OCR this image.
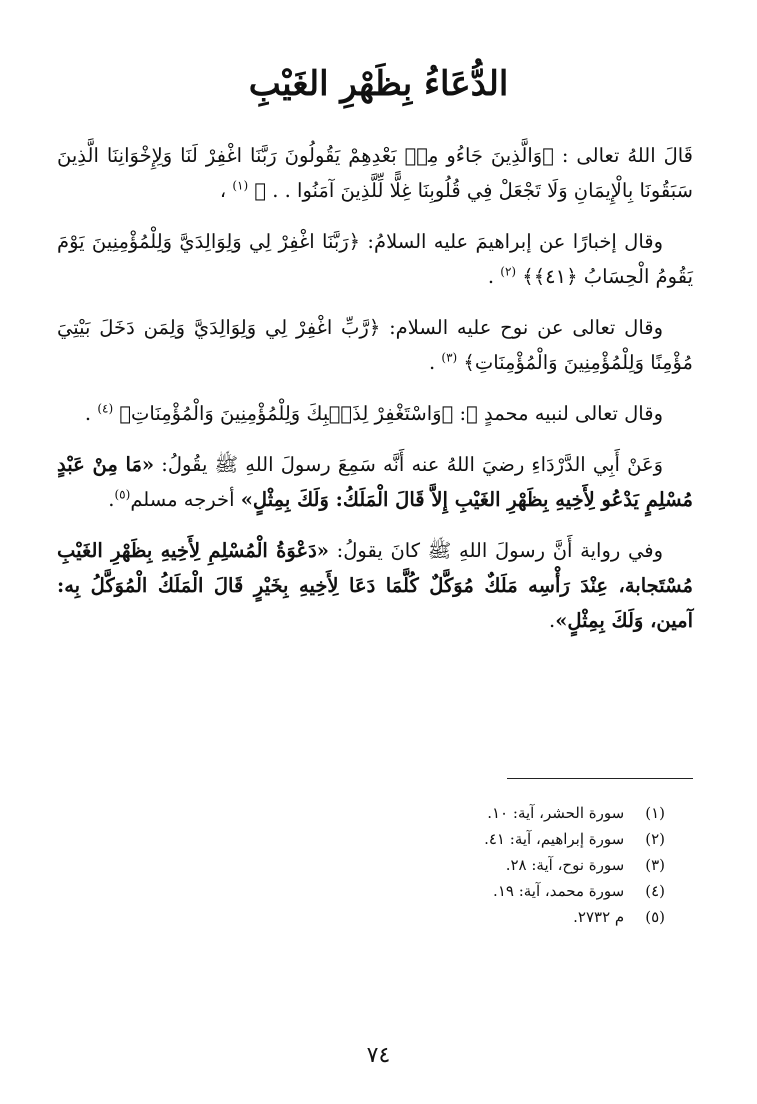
الدُّعَاءُ بِظَهْرِ الغَيْبِ

قَالَ اللهُ تعالى : ﴿وَالَّذِينَ جَاءُو مِنۢ بَعْدِهِمْ يَقُولُونَ رَبَّنَا اغْفِرْ لَنَا وَلِإِخْوَانِنَا الَّذِينَ سَبَقُونَا بِالْإِيمَانِ وَلَا تَجْعَلْ فِي قُلُوبِنَا غِلًّا لِّلَّذِينَ آمَنُوا . . ﴾ $^{(١)}$ ،

وقال إخبارًا عن إبراهيمَ عليه السلامُ: ﴿رَبَّنَا اغْفِرْ لِي وَلِوَالِدَيَّ وَلِلْمُؤْمِنِينَ يَوْمَ يَقُومُ الْحِسَابُ ﴿٤١﴾﴾ $^{(٢)}$ .

وقال تعالى عن نوح عليه السلام: ﴿رَّبِّ اغْفِرْ لِي وَلِوَالِدَيَّ وَلِمَن دَخَلَ بَيْتِيَ مُؤْمِنًا وَلِلْمُؤْمِنِينَ وَالْمُؤْمِنَاتِ﴾ $^{(٣)}$ .

وقال تعالى لنبيه محمدٍ ﷺ: ﴿وَاسْتَغْفِرْ لِذَنۢبِكَ وَلِلْمُؤْمِنِينَ وَالْمُؤْمِنَاتِ﴾ $^{(٤)}$ .

وَعَنْ أَبِي الدَّرْدَاءِ رضيَ اللهُ عنه أَنَّه سَمِعَ رسولَ اللهِ ﷺ يقُولُ: «مَا مِنْ عَبْدٍ مُسْلِمٍ يَدْعُو لِأَخِيهِ بِظَهْرِ الغَيْبِ إِلاَّ قَالَ الْمَلَكُ: وَلَكَ بِمِثْلٍ» أخرجه مسلم$^{(٥)}$.

وفي رواية أَنَّ رسولَ اللهِ ﷺ كانَ يقولُ: «دَعْوَةُ الْمُسْلِمِ لِأَخِيهِ بِظَهْرِ الغَيْبِ مُسْتَجابة، عِنْدَ رَأْسِه مَلَكٌ مُوَكَّلٌ كُلَّمَا دَعَا لِأَخِيهِ بِخَيْرٍ قَالَ الْمَلَكُ الْمُوَكَّلُ بِه: آمين، وَلَكَ بِمِثْلٍ».

(١) سورة الحشر، آية: ١٠.
(٢) سورة إبراهيم، آية: ٤١.
(٣) سورة نوح، آية: ٢٨.
(٤) سورة محمد، آية: ١٩.
(٥) م ٢٧٣٢.
٧٤
